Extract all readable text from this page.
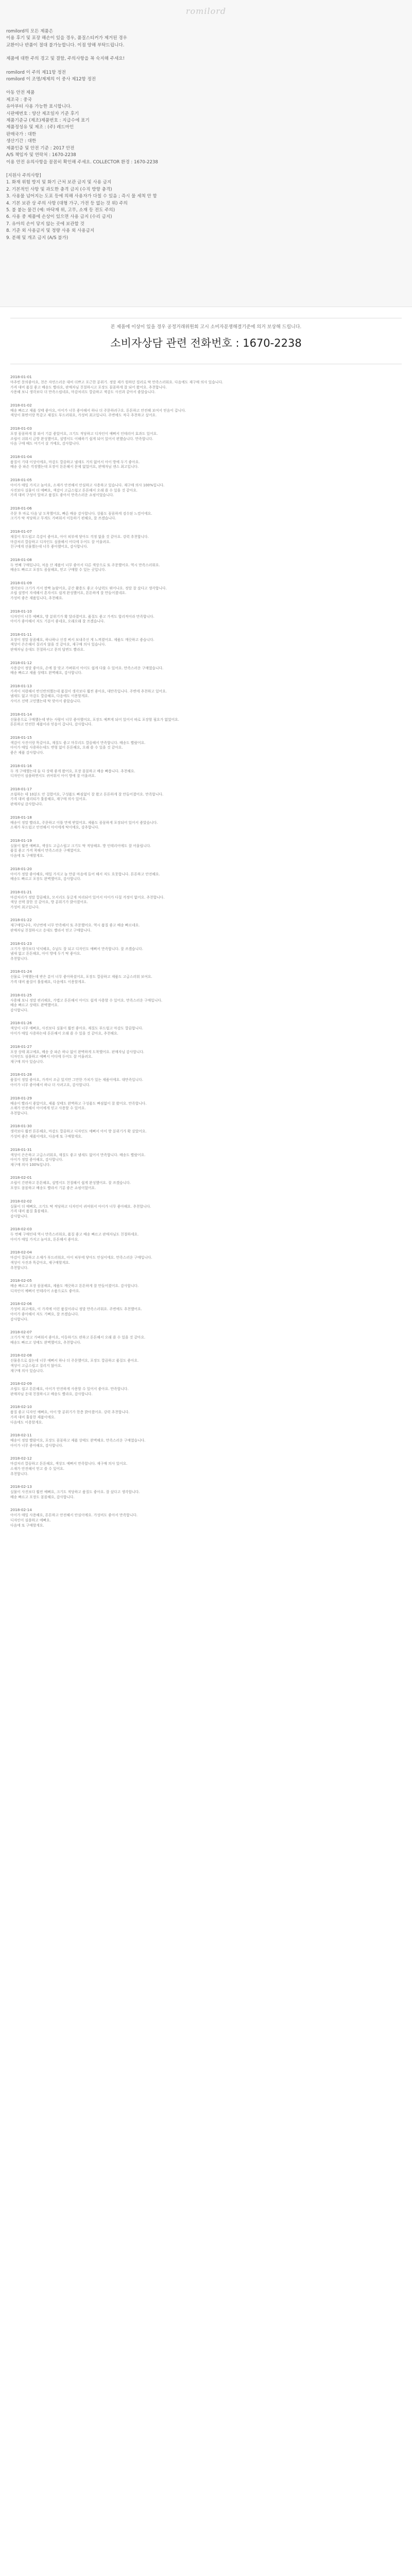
romilord

romilord의 모든 제품은
이용 후기 및 포장 해손이 있을 경우, 품질스티커가 제거된 경우
교환이나 반품이 절대 불가능합니다. 이점 양해 부탁드립니다.

제품에 대한 주의 경고 및 결함, 주의사항을 꼭 숙지해 주세요!

romilord 이 주의 제11항 정전
romilord 이 조명/제제의 이 중사 제12항 정전

아동 안전 제품
제조국 : 중국
유아부터 사용 가능한 표시합니다.
시판매번호 : 양산 제조일자 기준 후기
제품기준규 (제조)제품번호 : 지급수에 표기
제품정성유 및 제조 : (주) 레드마인
판매국가 : 대한
생산기간 : 대한
제품인증 및 안전 기준 : 2017 안전
A/S 책임자 및 연락처 : 1670-2238
이용 안전 유의사항을 꼼꼼히 확인해 주세요. COLLECTOR 환경 : 1670-2238

[지원사 주의사항]
1. 화재 위험 방지 및 화기 근처 보관 금지 및 사용 금지
2. 기본적인 사항 및 과도한 충격 금지 (수직 방향 충격)
3. 사용물 넘어지는 도포 등에 의해 사용자가 다칠 수 있음 ; 즉시 물 세척 안 함
4. 기본 보관 상 주의 사항 (대형 가구, 가전 등 없는 것 위) 주의
5. 불 붙는 물건 (예: 바닥재 위, 고무, 소재 등 전도 주의)
6. 사용 중 제품에 손상이 있으면 사용 금지 (수리 금지)
7. 유아의 손이 닿지 않는 곳에 보관할 것
8. 기준 외 사용금지 및 정량 사용 외 사용금지
9. 분해 및 개조 금지 (A/S 불가)

본 제품에 이상이 있을 경우 공정거래위원회 고시 소비자분쟁해결기준에 의거 보상해 드립니다.
소비자상담 관련 전화번호 : 1670-2238
2018-01-01
마추빈 문의좋아요, 천은 자연스러운 대비 더쁘고 포근한 분위기. 정말 제가 원하던 컬러로 딱 만족스러워요. 다음에도 재구매 의사 있습니다.
가격 대비 품질 좋고 배송도 빨라요, 판매자님 친절하시고 포장도 꼼꼼하게 잘 되어 왔어요. 추천합니다.
사용해 보니 생각보다 더 만족스럽네요, 마감처리도 깔끔하고 색감도 사진과 같아서 좋았습니다.
2018-01-02
배송 빠르고 제품 상태 좋아요, 아이가 너무 좋아해서 하나 더 주문하려구요. 튼튼하고 안전해 보여서 믿음이 갑니다.
색상이 화면이랑 똑같고 재질도 부드러워요, 가성비 최고입니다. 주변에도 적극 추천하고 싶어요.
2018-01-03
포장 꼼꼼하게 잘 와서 기분 좋았어요, 크기도 적당하고 디자인이 예뻐서 인테리어 효과도 있어요.
조립이 쉬워서 금방 완성했어요, 설명서도 이해하기 쉽게 되어 있어서 편했습니다. 만족합니다.
다음 구매 때도 여기서 살 거예요, 감사합니다.
2018-01-04
품질이 기대 이상이에요, 마감도 깔끔하고 냄새도 거의 없어서 아이 방에 두기 좋아요.
배송 중 파손 걱정했는데 포장이 튼튼해서 문제 없었어요, 판매자님 센스 최고입니다.
2018-01-05
아이가 매일 가지고 놀아요, 소재가 안전해서 안심하고 사용하고 있습니다. 재구매 의사 100%입니다.
사진보다 실물이 더 예뻐요, 색감이 고급스럽고 튼튼해서 오래 쓸 수 있을 것 같아요.
가격 대비 구성이 알차고 품질도 좋아서 만족스러운 쇼핑이었습니다.
2018-01-06
주문 후 바로 다음 날 도착했어요, 빠른 배송 감사합니다. 상품도 꼼꼼하게 검수된 느낌이에요.
크기가 딱 적당하고 무게도 가벼워서 이동하기 편해요, 잘 쓰겠습니다.
2018-01-07
재질이 부드럽고 촉감이 좋아요, 아이 피부에 닿아도 걱정 없을 것 같아요. 강력 추천합니다.
마감처리 깔끔하고 디자인도 심플해서 어디에 두어도 잘 어울려요.
친구에게 선물했는데 너무 좋아했어요, 감사합니다.
2018-01-08
두 번째 구매입니다, 처음 산 제품이 너무 좋아서 다른 색상으로 또 주문했어요. 역시 만족스러워요.
배송도 빠르고 포장도 꼼꼼해요, 믿고 구매할 수 있는 곳입니다.
2018-01-09
생각보다 크기가 커서 깜짝 놀랐어요, 공간 활용도 좋고 수납력도 뛰어나요. 정말 잘 샀다고 생각합니다.
조립 설명이 자세해서 혼자서도 쉽게 완성했어요, 튼튼하게 잘 만들어졌네요.
가성비 좋은 제품입니다, 추천해요.
2018-01-10
디자인이 너무 예뻐요, 방 분위기가 확 달라졌어요. 품질도 좋고 가격도 합리적이라 만족합니다.
아이가 좋아해서 저도 기분이 좋네요, 오래오래 잘 쓰겠습니다.
2018-01-11
포장이 정말 꼼꼼해요, 하나하나 신경 써서 보내주신 게 느껴졌어요. 제품도 깨끗하고 좋습니다.
색상이 은은해서 질리지 않을 것 같아요, 재구매 의사 있습니다.
판매자님 응대도 친절하시고 문의 답변도 빨라요.
2018-01-12
사용감이 정말 좋아요, 손에 잘 맞고 가벼워서 아이도 쉽게 다룰 수 있어요. 만족스러운 구매였습니다.
배송 빠르고 제품 상태도 완벽해요, 감사합니다.
2018-01-13
가격이 저렴해서 반신반의했는데 품질이 생각보다 훨씬 좋아요, 대만족입니다. 주변에 추천하고 있어요.
냄새도 없고 마감도 깔끔해요, 다음에도 이용할게요.
사이즈 선택 고민했는데 딱 맞아서 좋았습니다.
2018-01-14
선물용으로 구매했는데 받는 사람이 너무 좋아했어요, 포장도 예쁘게 되어 있어서 따로 포장할 필요가 없었어요.
튼튼하고 안전한 제품이라 믿음이 갑니다, 감사합니다.
2018-01-15
색감이 사진이랑 똑같아요, 재질도 좋고 마무리도 깔끔해서 만족합니다. 배송도 빨랐어요.
아이가 매일 사용하는데도 변형 없이 튼튼해요, 오래 쓸 수 있을 것 같아요.
좋은 제품 감사합니다.
2018-01-16
두 개 구매했는데 둘 다 상태 좋게 왔어요, 포장 꼼꼼하고 배송 빠릅니다. 추천해요.
디자인이 심플하면서도 귀여워서 아이 방에 잘 어울려요.
2018-01-17
조립하는 데 10분도 안 걸렸어요, 구성품도 빠짐없이 잘 왔고 튼튼하게 잘 만들어졌어요. 만족합니다.
가격 대비 퀄리티가 훌륭해요, 재구매 의사 있어요.
판매자님 감사합니다.
2018-01-18
배송이 정말 빨라요, 주문하고 이틀 만에 받았어요. 제품도 꼼꼼하게 포장되어 있어서 좋았습니다.
소재가 부드럽고 안전해서 아이에게 딱이에요, 강추합니다.
2018-01-19
실물이 훨씬 예뻐요, 색상도 고급스럽고 크기도 딱 적당해요. 방 인테리어에도 잘 어울립니다.
품질 좋고 가격 착해서 만족스러운 구매였어요.
다음에 또 구매할게요.
2018-01-20
아이가 정말 좋아해요, 매일 가지고 놀 만큼 마음에 들어 해서 저도 흐뭇합니다. 튼튼하고 안전해요.
배송도 빠르고 포장도 완벽했어요, 감사합니다.
2018-01-21
마감처리가 정말 깔끔해요, 모서리도 둥글게 처리되어 있어서 아이가 다칠 걱정이 없어요. 추천합니다.
색상 선택 잘한 것 같아요, 방 분위기가 밝아졌어요.
가성비 최고입니다.
2018-01-22
재구매입니다, 지난번에 너무 만족해서 또 주문했어요. 역시 품질 좋고 배송 빠르네요.
판매자님 친절하시고 응대도 빨라서 믿고 구매합니다.
2018-01-23
크기가 생각보다 넉넉해요, 수납도 잘 되고 디자인도 예뻐서 만족합니다. 잘 쓰겠습니다.
냄새 없고 튼튼해요, 아이 방에 두기 딱 좋아요.
추천합니다.
2018-01-24
선물로 구매했는데 받은 분이 너무 좋아하셨어요, 포장도 깔끔하고 제품도 고급스러워 보여요.
가격 대비 품질이 훌륭해요, 다음에도 이용할게요.
2018-01-25
사용해 보니 정말 편리해요, 가볍고 튼튼해서 아이도 쉽게 사용할 수 있어요. 만족스러운 구매입니다.
배송 빠르고 상태도 완벽했어요.
감사합니다.
2018-01-26
색상이 너무 예뻐요, 사진보다 실물이 훨씬 좋아요. 재질도 부드럽고 마감도 깔끔합니다.
아이가 매일 사용하는데 튼튼해서 오래 쓸 수 있을 것 같아요, 추천해요.
2018-01-27
포장 상태 최고예요, 배송 중 파손 하나 없이 완벽하게 도착했어요. 판매자님 감사합니다.
디자인도 심플하고 예뻐서 어디에 두어도 잘 어울려요.
재구매 의사 있습니다.
2018-01-28
품질이 정말 좋아요, 가격이 조금 있지만 그만한 가치가 있는 제품이에요. 대만족입니다.
아이가 너무 좋아해서 하나 더 사려고요, 감사합니다.
2018-01-29
배송이 빨라서 좋았어요, 제품 상태도 완벽하고 구성품도 빠짐없이 잘 왔어요. 만족합니다.
소재가 안전해서 아이에게 믿고 사용할 수 있어요.
추천합니다.
2018-01-30
생각보다 훨씬 튼튼해요, 마감도 깔끔하고 디자인도 예뻐서 아이 방 분위기가 확 살았어요.
가성비 좋은 제품이에요, 다음에 또 구매할게요.
2018-01-31
색상이 은은하고 고급스러워요, 재질도 좋고 냄새도 없어서 만족합니다. 배송도 빨랐어요.
아이가 정말 좋아해요, 감사합니다.
재구매 의사 100%입니다.
2018-02-01
조립이 간편하고 튼튼해요, 설명서도 친절해서 쉽게 완성했어요. 잘 쓰겠습니다.
포장도 꼼꼼하고 배송도 빨라서 기분 좋은 쇼핑이었어요.
2018-02-02
실물이 더 예뻐요, 크기도 딱 적당하고 디자인이 귀여워서 아이가 너무 좋아해요. 추천합니다.
가격 대비 품질 훌륭해요.
감사합니다.
2018-02-03
두 번째 구매인데 역시 만족스러워요, 품질 좋고 배송 빠르고 판매자님도 친절하세요.
아이가 매일 가지고 놀아요, 튼튼해서 좋아요.
2018-02-04
마감이 깔끔하고 소재가 부드러워요, 아이 피부에 닿아도 안심이에요. 만족스러운 구매입니다.
색상이 사진과 똑같아요, 재구매할게요.
추천합니다.
2018-02-05
배송 빠르고 포장 꼼꼼해요, 제품도 깨끗하고 튼튼하게 잘 만들어졌어요. 감사합니다.
디자인이 예뻐서 인테리어 소품으로도 좋아요.
2018-02-06
가성비 최고예요, 이 가격에 이런 품질이라니 정말 만족스러워요. 주변에도 추천했어요.
아이가 좋아해서 저도 기뻐요, 잘 쓰겠습니다.
감사합니다.
2018-02-07
크기가 딱 맞고 가벼워서 좋아요, 이동하기도 편하고 튼튼해서 오래 쓸 수 있을 것 같아요.
배송도 빠르고 상태도 완벽했어요, 추천합니다.
2018-02-08
선물용으로 샀는데 너무 예뻐서 하나 더 주문했어요, 포장도 깔끔하고 품질도 좋아요.
색상이 고급스럽고 질리지 않아요.
재구매 의사 있습니다.
2018-02-09
조립도 쉽고 튼튼해요, 아이가 안전하게 사용할 수 있어서 좋아요. 만족합니다.
판매자님 응대 친절하시고 배송도 빨라요, 감사합니다.
2018-02-10
품질 좋고 디자인 예뻐요, 아이 방 분위기가 한층 밝아졌어요. 강력 추천합니다.
가격 대비 훌륭한 제품이에요.
다음에도 이용할게요.
2018-02-11
배송이 정말 빨랐어요, 포장도 꼼꼼하고 제품 상태도 완벽해요. 만족스러운 구매였습니다.
아이가 너무 좋아해요, 감사합니다.
2018-02-12
마감처리 깔끔하고 튼튼해요, 색상도 예뻐서 만족합니다. 재구매 의사 있어요.
소재가 안전해서 믿고 쓸 수 있어요.
추천합니다.
2018-02-13
실물이 사진보다 훨씬 예뻐요, 크기도 적당하고 품질도 좋아요. 잘 샀다고 생각합니다.
배송 빠르고 포장도 꼼꼼해요, 감사합니다.
2018-02-14
아이가 매일 사용해요, 튼튼하고 안전해서 안심이에요. 가성비도 좋아서 만족합니다.
디자인이 심플하고 예뻐요.
다음에 또 구매할게요.
